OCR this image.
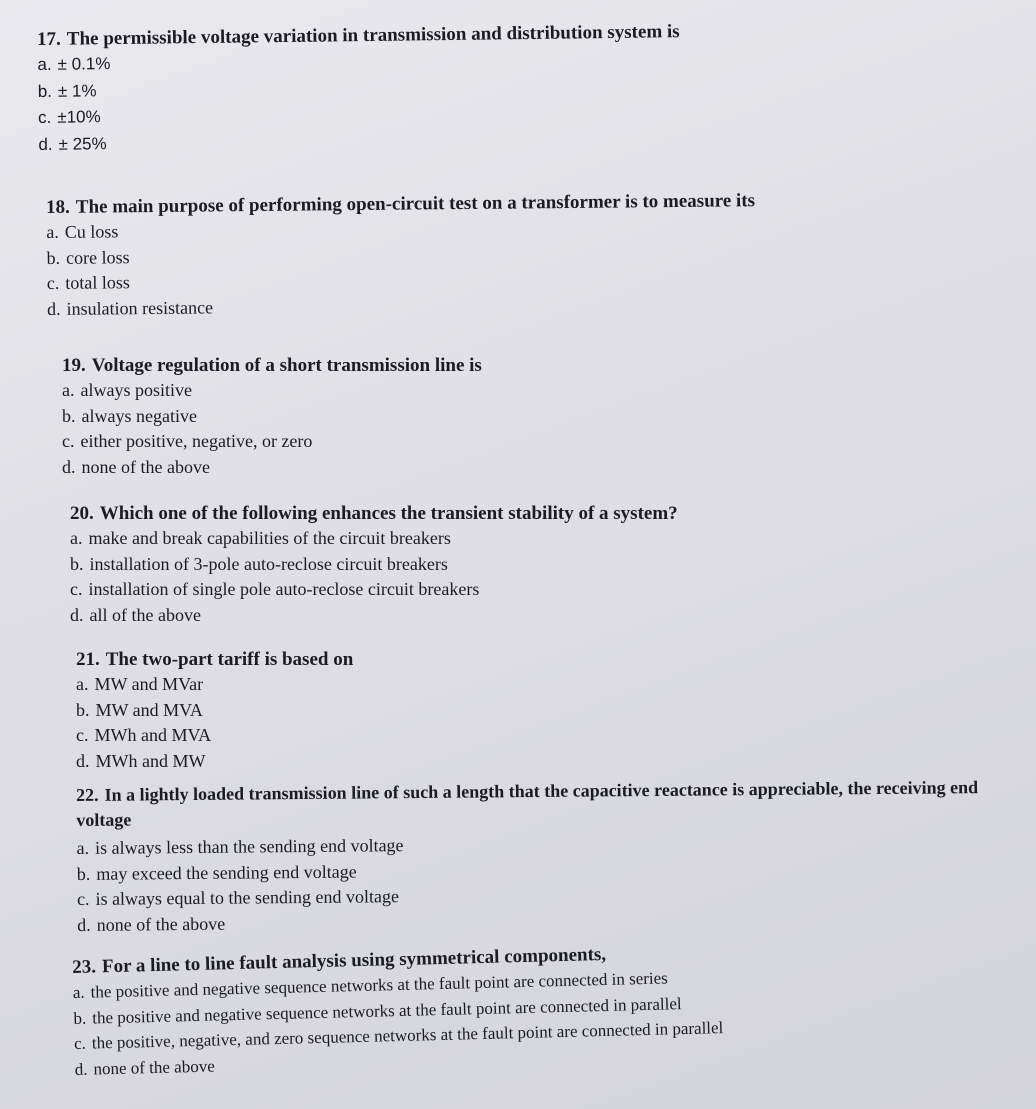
17. The permissible voltage variation in transmission and distribution system is
a. ± 0.1%
b. ± 1%
c. ±10%
d. ± 25%
18. The main purpose of performing open-circuit test on a transformer is to measure its
a. Cu loss
b. core loss
c. total loss
d. insulation resistance
19. Voltage regulation of a short transmission line is
a. always positive
b. always negative
c. either positive, negative, or zero
d. none of the above
20. Which one of the following enhances the transient stability of a system?
a. make and break capabilities of the circuit breakers
b. installation of 3-pole auto-reclose circuit breakers
c. installation of single pole auto-reclose circuit breakers
d. all of the above
21. The two-part tariff is based on
a. MW and MVar
b. MW and MVA
c. MWh and MVA
d. MWh and MW
22. In a lightly loaded transmission line of such a length that the capacitive reactance is appreciable, the receiving end voltage
a. is always less than the sending end voltage
b. may exceed the sending end voltage
c. is always equal to the sending end voltage
d. none of the above
23. For a line to line fault analysis using symmetrical components,
a. the positive and negative sequence networks at the fault point are connected in series
b. the positive and negative sequence networks at the fault point are connected in parallel
c. the positive, negative, and zero sequence networks at the fault point are connected in parallel
d. none of the above
